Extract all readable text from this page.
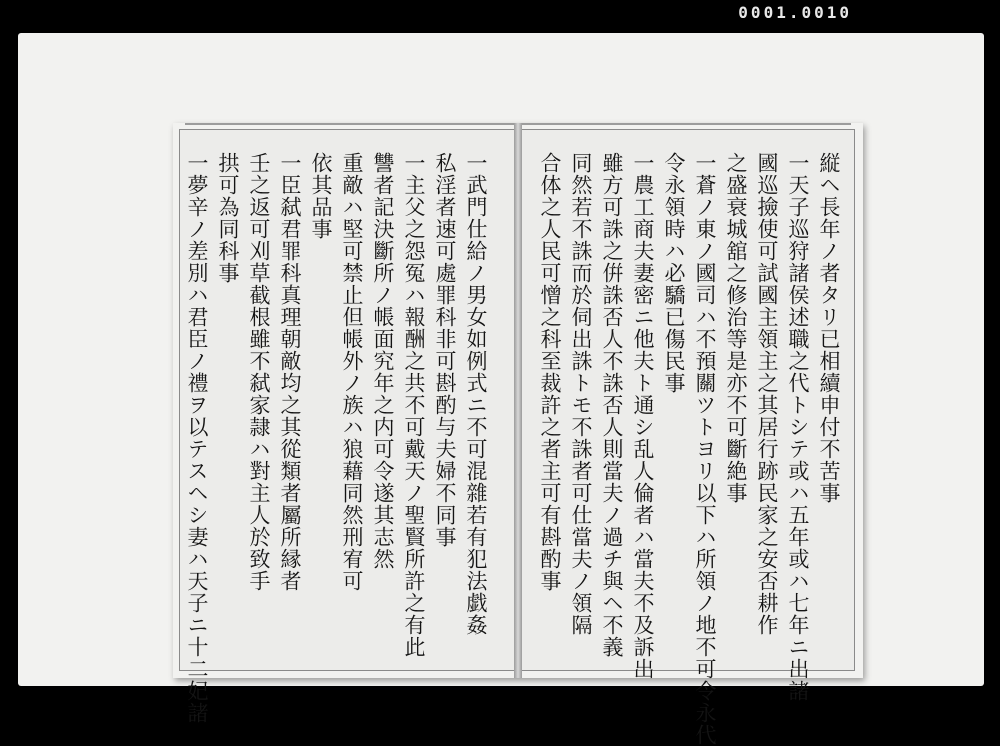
0001.0010
一武門仕給ノ男女如例式ニ不可混雜若有犯法戯姦
私淫者速可處罪科非可斟酌与夫婦不同事
一主父之怨冤ハ報酬之共不可戴天ノ聖賢所許之有此
讐者記決斷所ノ帳面究年之内可令遂其志然
重敵ハ堅可禁止但帳外ノ族ハ狼藉同然刑宥可
依其品事
一臣弑君罪科真理朝敵均之其從類者屬所縁者
壬之返可刈草截根雖不弑家隷ハ對主人於致手
拱可為同科事
一夢辛ノ差別ハ君臣ノ禮ヲ以テスヘシ妻ハ天子ニ十二妃諸	縦ヘ長年ノ者タリ已相續申付不苦事
一天子巡狩諸侯述職之代トシテ或ハ五年或ハ七年ニ出諸
國巡撿使可試國主領主之其居行跡民家之安否耕作
之盛衰城舘之修治等是亦不可斷絶事
一蒼ノ東ノ國司ハ不預關ツトヨリ以下ハ所領ノ地不可令永代
令永領時ハ必驕已傷民事
一農工商夫妻密ニ他夫ト通シ乱人倫者ハ當夫不及訴出
雖方可誅之倂誅否人不誅否人則當夫ノ過チ與ヘ不義
同然若不誅而於伺出誅トモ不誅者可仕當夫ノ領隔
合体之人民可憎之科至裁許之者主可有斟酌事
